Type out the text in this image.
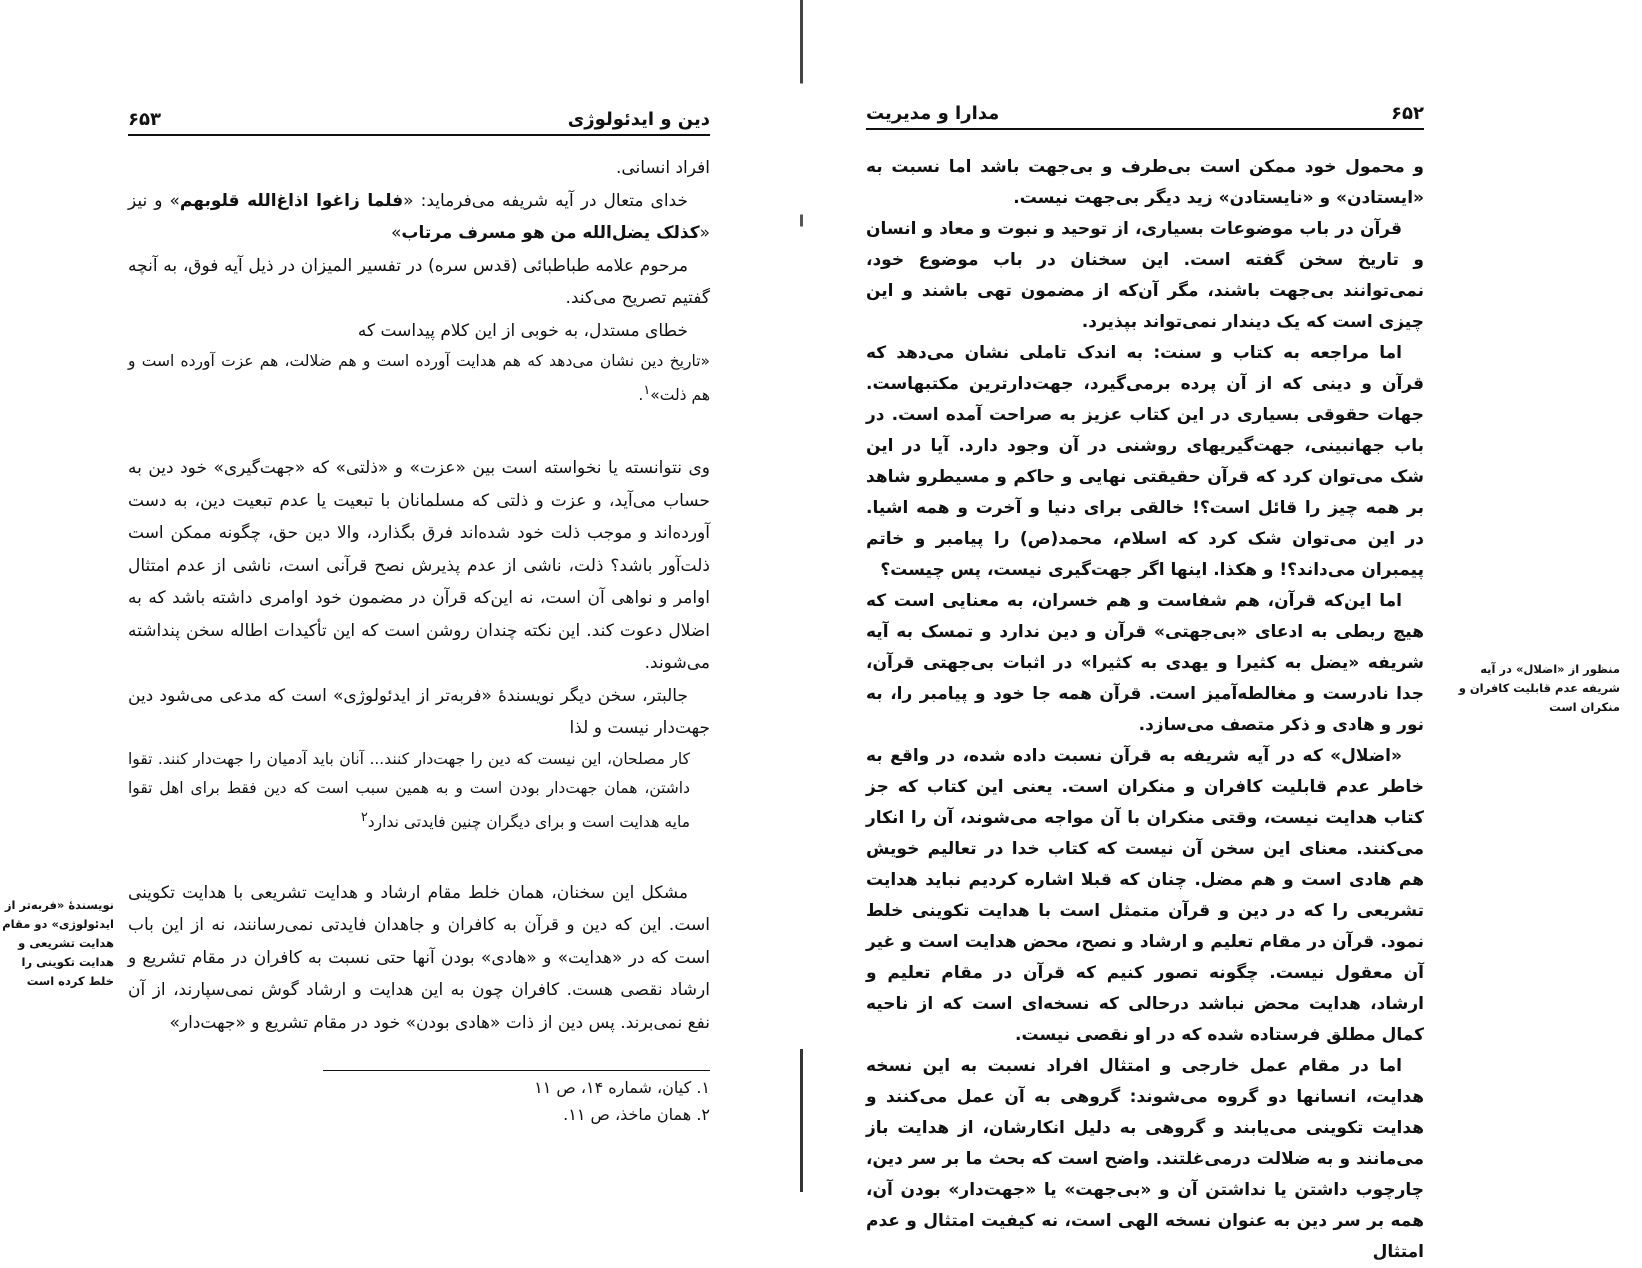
۶۵۳	دین و ایدئولوژی

افراد انسانی.

خدای متعال در آیه شریفه می‌فرماید: «فلما زاغوا اذاغ‌الله قلوبهم» و نیز «کذلک یضل‌الله من هو مسرف مرتاب»

مرحوم علامه طباطبائی (قدس سره) در تفسیر المیزان در ذیل آیه فوق، به آنچه گفتیم تصریح می‌کند.

خطای مستدل، به خوبی از این کلام پیداست که

«تاریخ دین نشان می‌دهد که هم هدایت آورده است و هم ضلالت، هم عزت آورده است و هم ذلت»$^۱$.

وی نتوانسته یا نخواسته است بین «عزت» و «ذلتی» که «جهت‌گیری» خود دین به حساب می‌آید، و عزت و ذلتی که مسلمانان با تبعیت یا عدم تبعیت دین، به دست آورده‌اند و موجب ذلت خود شده‌اند فرق بگذارد، والا دین حق، چگونه ممکن است ذلت‌آور باشد؟ ذلت، ناشی از عدم پذیرش نصح قرآنی است، ناشی از عدم امتثال اوامر و نواهی آن است، نه این‌که قرآن در مضمون خود اوامری داشته باشد که به اضلال دعوت کند. این نکته چندان روشن است که این تأکیدات اطاله سخن پنداشته می‌شوند.

جالبتر، سخن دیگر نویسندهٔ «فربه‌تر از ایدئولوژی» است که مدعی می‌شود دین جهت‌دار نیست و لذا

کار مصلحان، این نیست که دین را جهت‌دار کنند... آنان باید آدمیان را جهت‌دار کنند. تقوا داشتن، همان جهت‌دار بودن است و به همین سبب است که دین فقط برای اهل تقوا مایه هدایت است و برای دیگران چنین فایدتی ندارد$^۲$

مشکل این سخنان، همان خلط مقام ارشاد و هدایت تشریعی با هدایت تکوینی است. این که دین و قرآن به کافران و جاهدان فایدتی نمی‌رسانند، نه از این باب است که در «هدایت» و «هادی» بودن آنها حتی نسبت به کافران در مقام تشریع و ارشاد نقصی هست. کافران چون به این هدایت و ارشاد گوش نمی‌سپارند، از آن نفع نمی‌برند. پس دین از ذات «هادی بودن» خود در مقام تشریع و «جهت‌دار»

۱. کیان، شماره ۱۴، ص ۱۱
۲. همان ماخذ، ص ۱۱.
نویسندهٔ «فربه‌تر از ایدئولوژی» دو مقام هدایت تشریعی و هدایت تکوینی را خلط کرده است
مدارا و مدیریت	۶۵۲

و محمول خود ممکن است بی‌طرف و بی‌جهت باشد اما نسبت به «ایستادن» و «نایستادن» زید دیگر بی‌جهت نیست.

قرآن در باب موضوعات بسیاری، از توحید و نبوت و معاد و انسان و تاریخ سخن گفته است. این سخنان در باب موضوع خود، نمی‌توانند بی‌جهت باشند، مگر آن‌که از مضمون تهی باشند و این چیزی است که یک دیندار نمی‌تواند بپذیرد.

اما مراجعه به کتاب و سنت: به اندک تاملی نشان می‌دهد که قرآن و دینی که از آن پرده برمی‌گیرد، جهت‌دارترین مکتبهاست. جهات حقوقی بسیاری در این کتاب عزیز به صراحت آمده است. در باب جهانبینی، جهت‌گیریهای روشنی در آن وجود دارد. آیا در این شک می‌توان کرد که قرآن حقیقتی نهایی و حاکم و مسیطرو شاهد بر همه چیز را قائل است؟! خالقی برای دنیا و آخرت و همه اشیا. در این می‌توان شک کرد که اسلام، محمد(ص) را پیامبر و خاتم پیمبران می‌داند؟! و هکذا. اینها اگر جهت‌گیری نیست، پس چیست؟

اما این‌که قرآن، هم شفاست و هم خسران، به معنایی است که هیچ ربطی به ادعای «بی‌جهتی» قرآن و دین ندارد و تمسک به آیه شریفه «یضل به کثیرا و یهدی به کثیرا» در اثبات بی‌جهتی قرآن، جدا نادرست و مغالطه‌آمیز است. قرآن همه جا خود و پیامبر را، به نور و هادی و ذکر متصف می‌سازد.

«اضلال» که در آیه شریفه به قرآن نسبت داده شده، در واقع به خاطر عدم قابلیت کافران و منکران است. یعنی این کتاب که جز کتاب هدایت نیست، وقتی منکران با آن مواجه می‌شوند، آن را انکار می‌کنند. معنای این سخن آن نیست که کتاب خدا در تعالیم خویش هم هادی است و هم مضل. چنان که قبلا اشاره کردیم نباید هدایت تشریعی را که در دین و قرآن متمثل است با هدایت تکوینی خلط نمود. قرآن در مقام تعلیم و ارشاد و نصح، محض هدایت است و غیر آن معقول نیست. چگونه تصور کنیم که قرآن در مقام تعلیم و ارشاد، هدایت محض نباشد درحالی که نسخه‌ای است که از ناحیه کمال مطلق فرستاده شده که در او نقصی نیست.

اما در مقام عمل خارجی و امتثال افراد نسبت به این نسخه هدایت، انسانها دو گروه می‌شوند: گروهی به آن عمل می‌کنند و هدایت تکوینی می‌یابند و گروهی به دلیل انکارشان، از هدایت باز می‌مانند و به ضلالت درمی‌غلتند. واضح است که بحث ما بر سر دین، چارچوب داشتن یا نداشتن آن و «بی‌جهت» یا «جهت‌دار» بودن آن، همه بر سر دین به عنوان نسخه الهی است، نه کیفیت امتثال و عدم امتثال

منظور از «اضلال» در آیه شریفه عدم قابلیت کافران و منکران است
